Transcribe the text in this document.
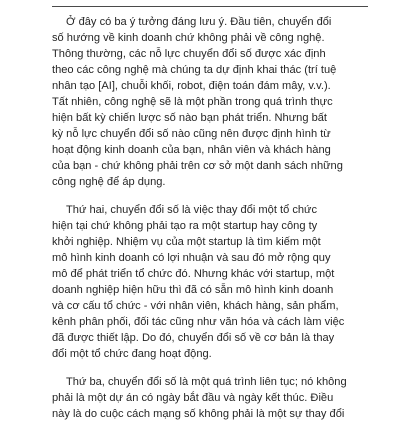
Ở đây có ba ý tưởng đáng lưu ý. Đầu tiên, chuyển đổi
số hướng về kinh doanh chứ không phải về công nghệ.
Thông thường, các nỗ lực chuyển đổi số được xác định
theo các công nghệ mà chúng ta dự định khai thác (trí tuệ
nhân tạo [AI], chuỗi khối, robot, điện toán đám mây, v.v.).
Tất nhiên, công nghệ sẽ là một phần trong quá trình thực
hiện bất kỳ chiến lược số nào bạn phát triển. Nhưng bất
kỳ nỗ lực chuyển đổi số nào cũng nên được định hình từ
hoạt động kinh doanh của bạn, nhân viên và khách hàng
của bạn - chứ không phải trên cơ sở một danh sách những
công nghệ để áp dụng.

Thứ hai, chuyển đổi số là việc thay đổi một tổ chức
hiện tại chứ không phải tạo ra một startup hay công ty
khởi nghiệp. Nhiệm vụ của một startup là tìm kiếm một
mô hình kinh doanh có lợi nhuận và sau đó mở rộng quy
mô để phát triển tổ chức đó. Nhưng khác với startup, một
doanh nghiệp hiện hữu thì đã có sẵn mô hình kinh doanh
và cơ cấu tổ chức - với nhân viên, khách hàng, sản phẩm,
kênh phân phối, đối tác cũng như văn hóa và cách làm việc
đã được thiết lập. Do đó, chuyển đổi số về cơ bản là thay
đổi một tổ chức đang hoạt động.

Thứ ba, chuyển đổi số là một quá trình liên tục; nó không
phải là một dự án có ngày bắt đầu và ngày kết thúc. Điều
này là do cuộc cách mạng số không phải là một sự thay đổi
